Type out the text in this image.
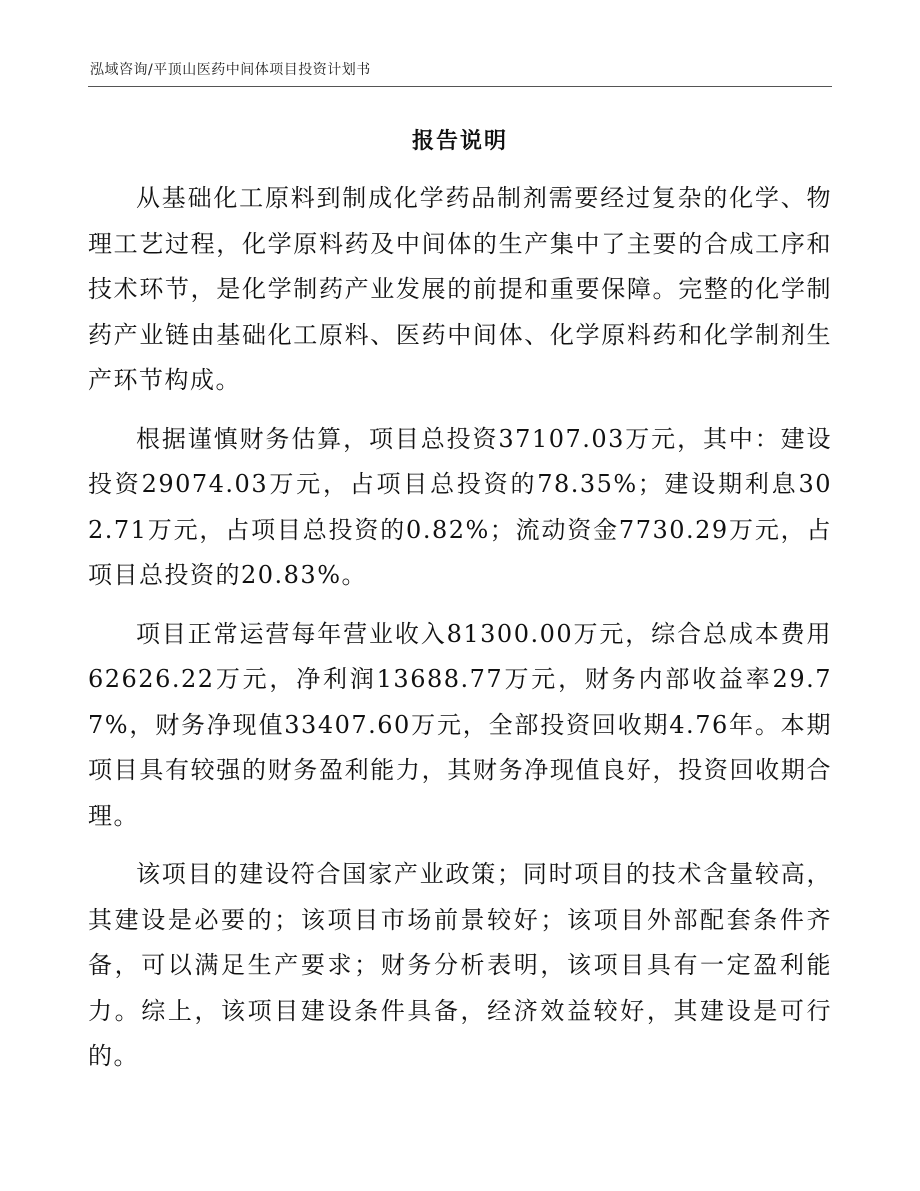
泓域咨询/平顶山医药中间体项目投资计划书
报告说明

从基础化工原料到制成化学药品制剂需要经过复杂的化学、物理工艺过程，化学原料药及中间体的生产集中了主要的合成工序和技术环节，是化学制药产业发展的前提和重要保障。完整的化学制药产业链由基础化工原料、医药中间体、化学原料药和化学制剂生产环节构成。

根据谨慎财务估算，项目总投资37107.03万元，其中：建设投资29074.03万元，占项目总投资的78.35%；建设期利息302.71万元，占项目总投资的0.82%；流动资金7730.29万元，占项目总投资的20.83%。

项目正常运营每年营业收入81300.00万元，综合总成本费用62626.22万元，净利润13688.77万元，财务内部收益率29.77%，财务净现值33407.60万元，全部投资回收期4.76年。本期项目具有较强的财务盈利能力，其财务净现值良好，投资回收期合理。

该项目的建设符合国家产业政策；同时项目的技术含量较高，其建设是必要的；该项目市场前景较好；该项目外部配套条件齐备，可以满足生产要求；财务分析表明，该项目具有一定盈利能力。综上，该项目建设条件具备，经济效益较好，其建设是可行的。
